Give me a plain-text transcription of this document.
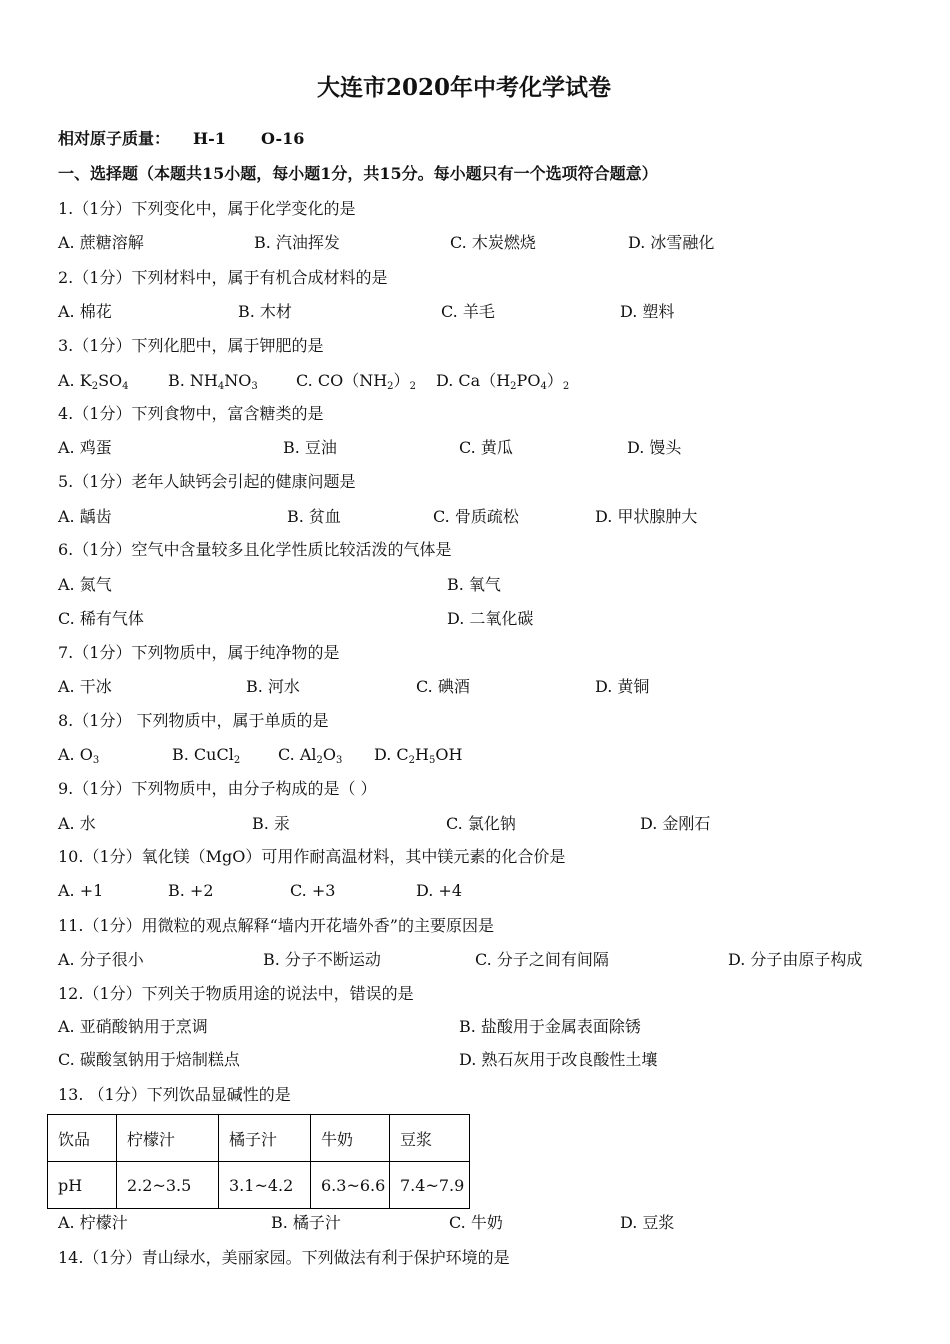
大连市2020年中考化学试卷
相对原子质量： H-1 O-16
一、选择题（本题共15小题，每小题1分，共15分。每小题只有一个选项符合题意）
1.（1分）下列变化中，属于化学变化的是
A. 蔗糖溶解	B. 汽油挥发	C. 木炭燃烧	D. 冰雪融化
2.（1分）下列材料中，属于有机合成材料的是
A. 棉花	B. 木材	C. 羊毛	D. 塑料
3.（1分）下列化肥中，属于钾肥的是
A. $K_2SO_4$ B. $NH_4NO_3$ C. $CO(NH_2)_2$ D. $Ca(H_2PO_4)_2$
4.（1分）下列食物中，富含糖类的是
A. 鸡蛋	B. 豆油	C. 黄瓜	D. 馒头
5.（1分）老年人缺钙会引起的健康问题是
A. 龋齿	B. 贫血	C. 骨质疏松	D. 甲状腺肿大
6.（1分）空气中含量较多且化学性质比较活泼的气体是
A. 氮气	B. 氧气
C. 稀有气体	D. 二氧化碳
7.（1分）下列物质中，属于纯净物的是
A. 干冰	B. 河水	C. 碘酒	D. 黄铜
8.（1分） 下列物质中，属于单质的是
A. $O_3$	B. CuCl$_2$ C. $Al_2O_3$ D. $C_2H_5OH$
9.（1分）下列物质中，由分子构成的是（ ）
A. 水	B. 汞	C. 氯化钠	D. 金刚石
10.（1分）氧化镁（MgO）可用作耐高温材料，其中镁元素的化合价是
A. +1	B. +2	C. +3	D. +4
11.（1分）用微粒的观点解释“墙内开花墙外香”的主要原因是
A. 分子很小	B. 分子不断运动	C. 分子之间有间隔	D. 分子由原子构成
12.（1分）下列关于物质用途的说法中，错误的是
A. 亚硝酸钠用于烹调	B. 盐酸用于金属表面除锈
C. 碳酸氢钠用于焙制糕点	D. 熟石灰用于改良酸性土壤
13. （1分）下列饮品显碱性的是
饮品	柠檬汁	橘子汁	牛奶	豆浆
pH	2.2~3.5	3.1~4.2	6.3~6.6	7.4~7.9
A. 柠檬汁	B. 橘子汁	C. 牛奶	D. 豆浆
14.（1分）青山绿水，美丽家园。下列做法有利于保护环境的是
